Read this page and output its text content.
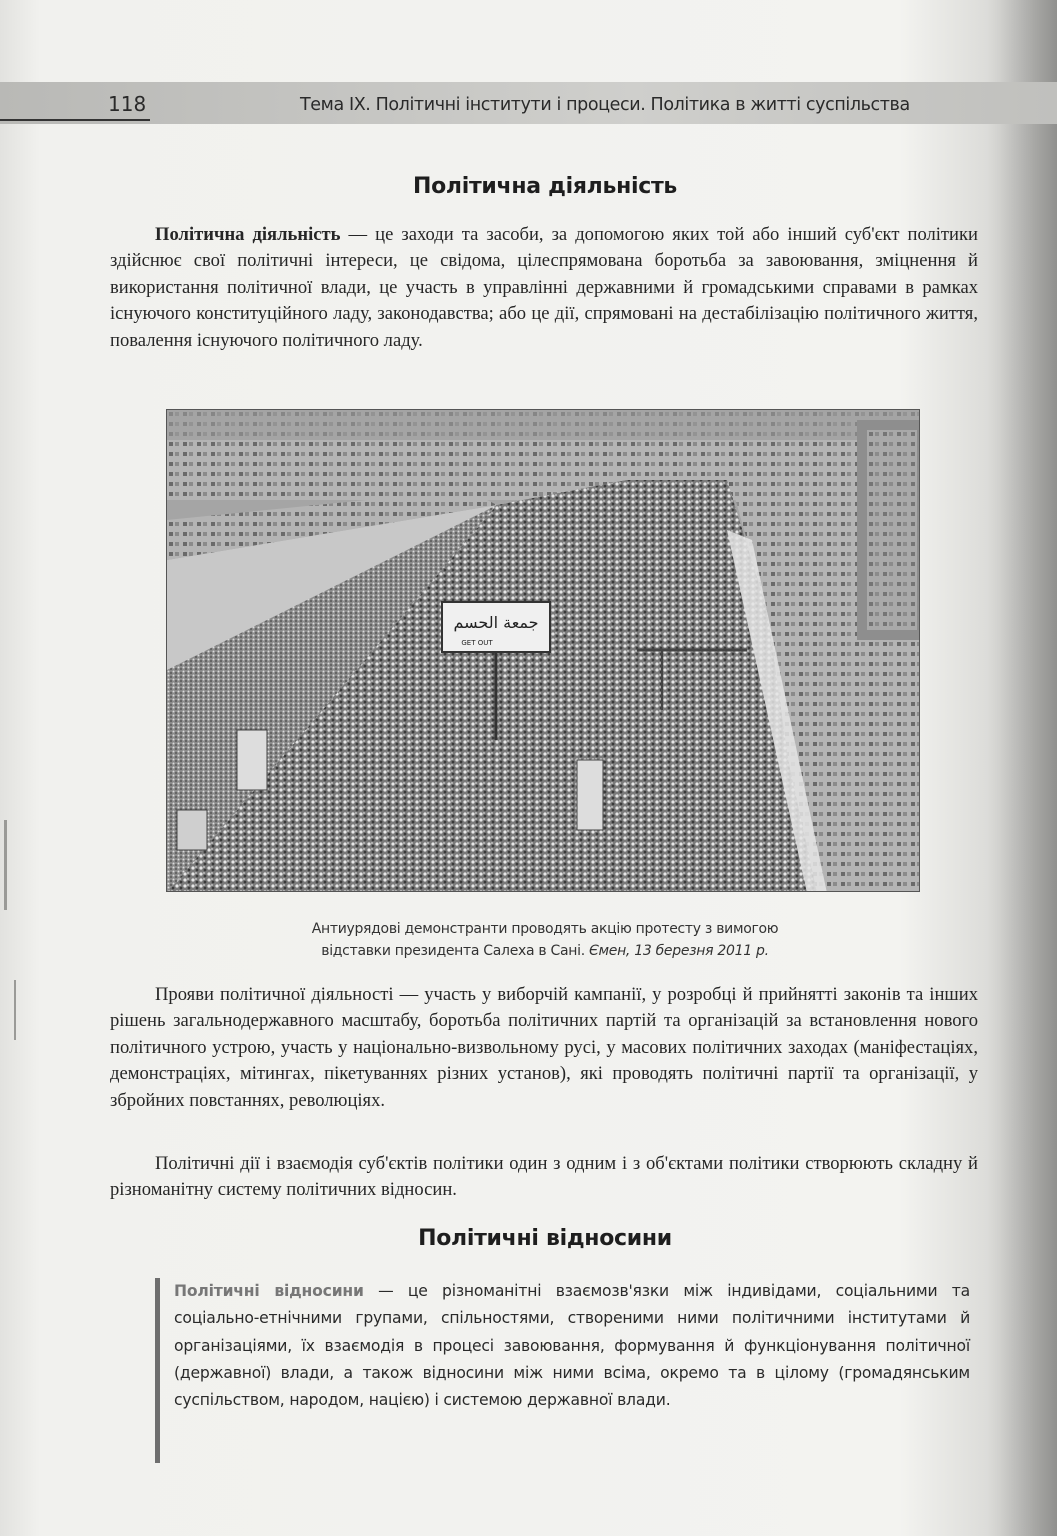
118	Тема ІХ. Політичні інститути і процеси. Політика в житті суспільства
Політична діяльність
Політична діяльність — це заходи та засоби, за допомогою яких той або інший суб'єкт політики здійснює свої політичні інтереси, це свідома, цілеспрямована боротьба за завоювання, зміцнення й використання політичної влади, це участь в управлінні державними й громадськими справами в рамках існуючого конституційного ладу, законодавства; або це дії, спрямовані на дестабілізацію політичного життя, повалення існуючого політичного ладу.
جمعة الحسم
GET OUT
Антиурядові демонстранти проводять акцію протесту з вимогою
відставки президента Салеха в Сані. Ємен, 13 березня 2011 р.
Прояви політичної діяльності — участь у виборчій кампанії, у розробці й прийнятті законів та інших рішень загальнодержавного масштабу, боротьба політичних партій та організацій за встановлення нового політичного устрою, участь у національно-визвольному русі, у масових політичних заходах (маніфестаціях, демонстраціях, мітингах, пікетуваннях різних установ), які проводять політичні партії та організації, у збройних повстаннях, революціях.
Політичні дії і взаємодія суб'єктів політики один з одним і з об'єктами політики створюють складну й різноманітну систему політичних відносин.
Політичні відносини
Політичні відносини — це різноманітні взаємозв'язки між індивідами, соціальними та соціально-етнічними групами, спільностями, створеними ними політичними інститутами й організаціями, їх взаємодія в процесі завоювання, формування й функціонування політичної (державної) влади, а також відносини між ними всіма, окремо та в цілому (громадянським суспільством, народом, нацією) і системою державної влади.
